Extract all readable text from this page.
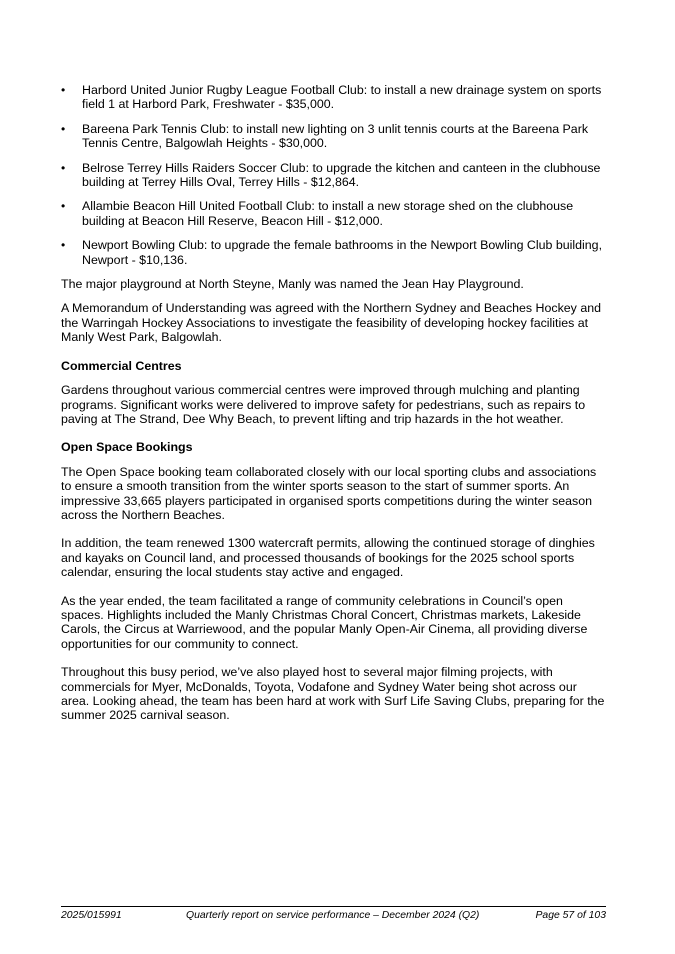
•	Harbord United Junior Rugby League Football Club: to install a new drainage system on sports field 1 at Harbord Park, Freshwater - $35,000.
•	Bareena Park Tennis Club: to install new lighting on 3 unlit tennis courts at the Bareena Park Tennis Centre, Balgowlah Heights - $30,000.
•	Belrose Terrey Hills Raiders Soccer Club: to upgrade the kitchen and canteen in the clubhouse building at Terrey Hills Oval, Terrey Hills - $12,864.
•	Allambie Beacon Hill United Football Club: to install a new storage shed on the clubhouse building at Beacon Hill Reserve, Beacon Hill - $12,000.
•	Newport Bowling Club: to upgrade the female bathrooms in the Newport Bowling Club building, Newport - $10,136.

The major playground at North Steyne, Manly was named the Jean Hay Playground.

A Memorandum of Understanding was agreed with the Northern Sydney and Beaches Hockey and the Warringah Hockey Associations to investigate the feasibility of developing hockey facilities at Manly West Park, Balgowlah.

Commercial Centres

Gardens throughout various commercial centres were improved through mulching and planting programs. Significant works were delivered to improve safety for pedestrians, such as repairs to paving at The Strand, Dee Why Beach, to prevent lifting and trip hazards in the hot weather.

Open Space Bookings

The Open Space booking team collaborated closely with our local sporting clubs and associations to ensure a smooth transition from the winter sports season to the start of summer sports. An impressive 33,665 players participated in organised sports competitions during the winter season across the Northern Beaches.

In addition, the team renewed 1300 watercraft permits, allowing the continued storage of dinghies and kayaks on Council land, and processed thousands of bookings for the 2025 school sports calendar, ensuring the local students stay active and engaged.

As the year ended, the team facilitated a range of community celebrations in Council’s open spaces. Highlights included the Manly Christmas Choral Concert, Christmas markets, Lakeside Carols, the Circus at Warriewood, and the popular Manly Open-Air Cinema, all providing diverse opportunities for our community to connect.

Throughout this busy period, we’ve also played host to several major filming projects, with commercials for Myer, McDonalds, Toyota, Vodafone and Sydney Water being shot across our area. Looking ahead, the team has been hard at work with Surf Life Saving Clubs, preparing for the summer 2025 carnival season.

2025/015991	Quarterly report on service performance – December 2024 (Q2)	Page 57 of 103
